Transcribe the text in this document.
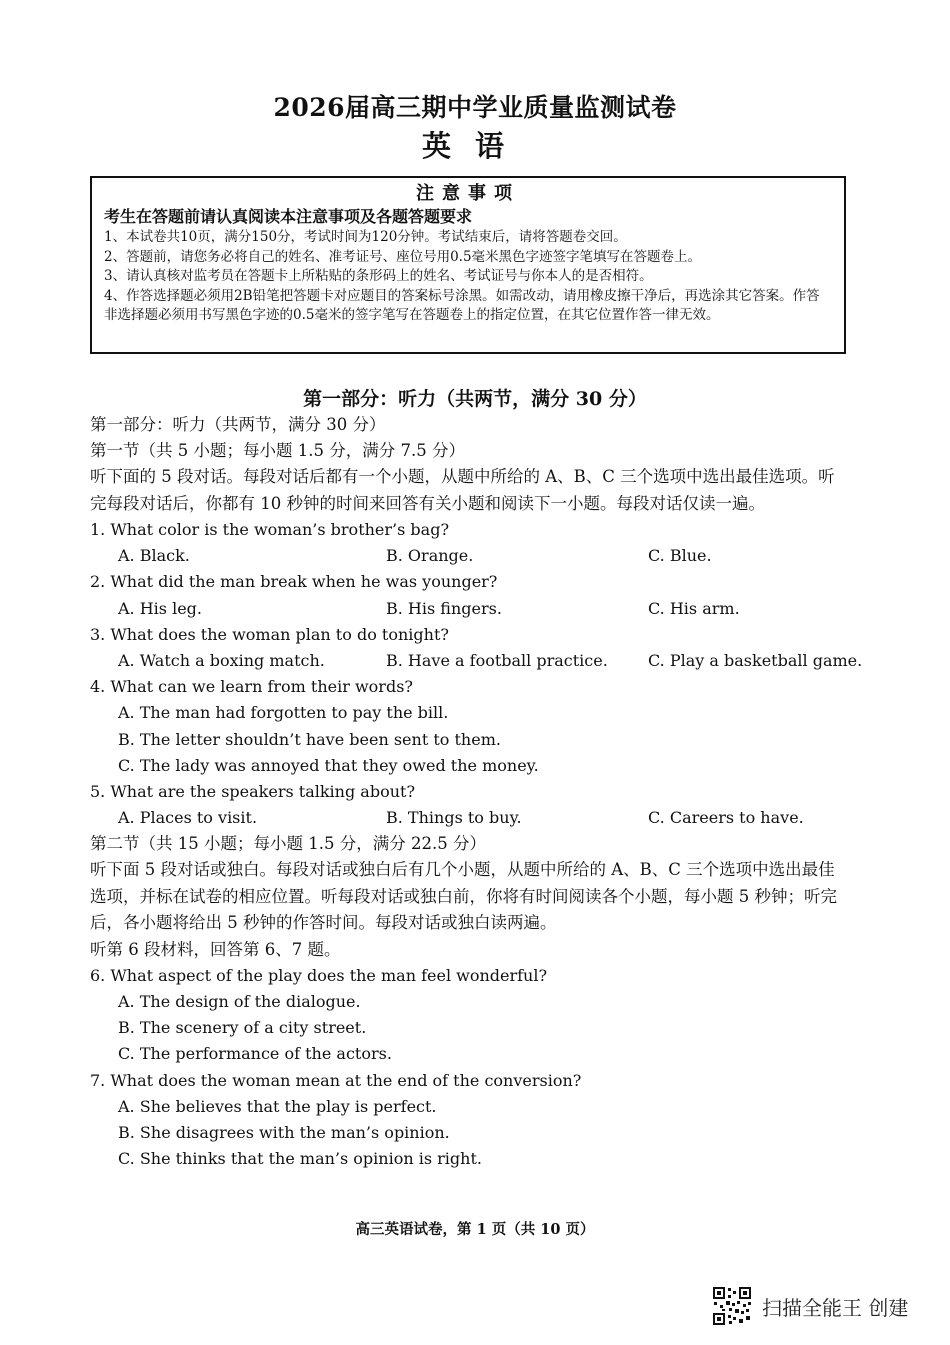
2026届高三期中学业质量监测试卷
英语
注意事项
考生在答题前请认真阅读本注意事项及各题答题要求
1、本试卷共10页，满分150分，考试时间为120分钟。考试结束后，请将答题卷交回。
2、答题前，请您务必将自己的姓名、准考证号、座位号用0.5毫米黑色字迹签字笔填写在答题卷上。
3、请认真核对监考员在答题卡上所粘贴的条形码上的姓名、考试证号与你本人的是否相符。
4、作答选择题必须用2B铅笔把答题卡对应题目的答案标号涂黑。如需改动，请用橡皮擦干净后，再选涂其它答案。作答非选择题必须用书写黑色字迹的0.5毫米的签字笔写在答题卷上的指定位置，在其它位置作答一律无效。
第一部分：听力（共两节，满分 30 分）
第一部分：听力（共两节，满分 30 分）
第一节（共 5 小题；每小题 1.5 分，满分 7.5 分）
听下面的 5 段对话。每段对话后都有一个小题，从题中所给的 A、B、C 三个选项中选出最佳选项。听完每段对话后，你都有 10 秒钟的时间来回答有关小题和阅读下一小题。每段对话仅读一遍。
1. What color is the woman’s brother’s bag?
A. Black.	B. Orange.	C. Blue.
2. What did the man break when he was younger?
A. His leg.	B. His fingers.	C. His arm.
3. What does the woman plan to do tonight?
A. Watch a boxing match.	B. Have a football practice.	C. Play a basketball game.
4. What can we learn from their words?
A. The man had forgotten to pay the bill.
B. The letter shouldn’t have been sent to them.
C. The lady was annoyed that they owed the money.
5. What are the speakers talking about?
A. Places to visit.	B. Things to buy.	C. Careers to have.
第二节（共 15 小题；每小题 1.5 分，满分 22.5 分）
听下面 5 段对话或独白。每段对话或独白后有几个小题，从题中所给的 A、B、C 三个选项中选出最佳选项，并标在试卷的相应位置。听每段对话或独白前，你将有时间阅读各个小题，每小题 5 秒钟；听完后，各小题将给出 5 秒钟的作答时间。每段对话或独白读两遍。
听第 6 段材料，回答第 6、7 题。
6. What aspect of the play does the man feel wonderful?
A. The design of the dialogue.
B. The scenery of a city street.
C. The performance of the actors.
7. What does the woman mean at the end of the conversion?
A. She believes that the play is perfect.
B. She disagrees with the man’s opinion.
C. She thinks that the man’s opinion is right.
高三英语试卷，第 1 页（共 10 页）
扫描全能王 创建
